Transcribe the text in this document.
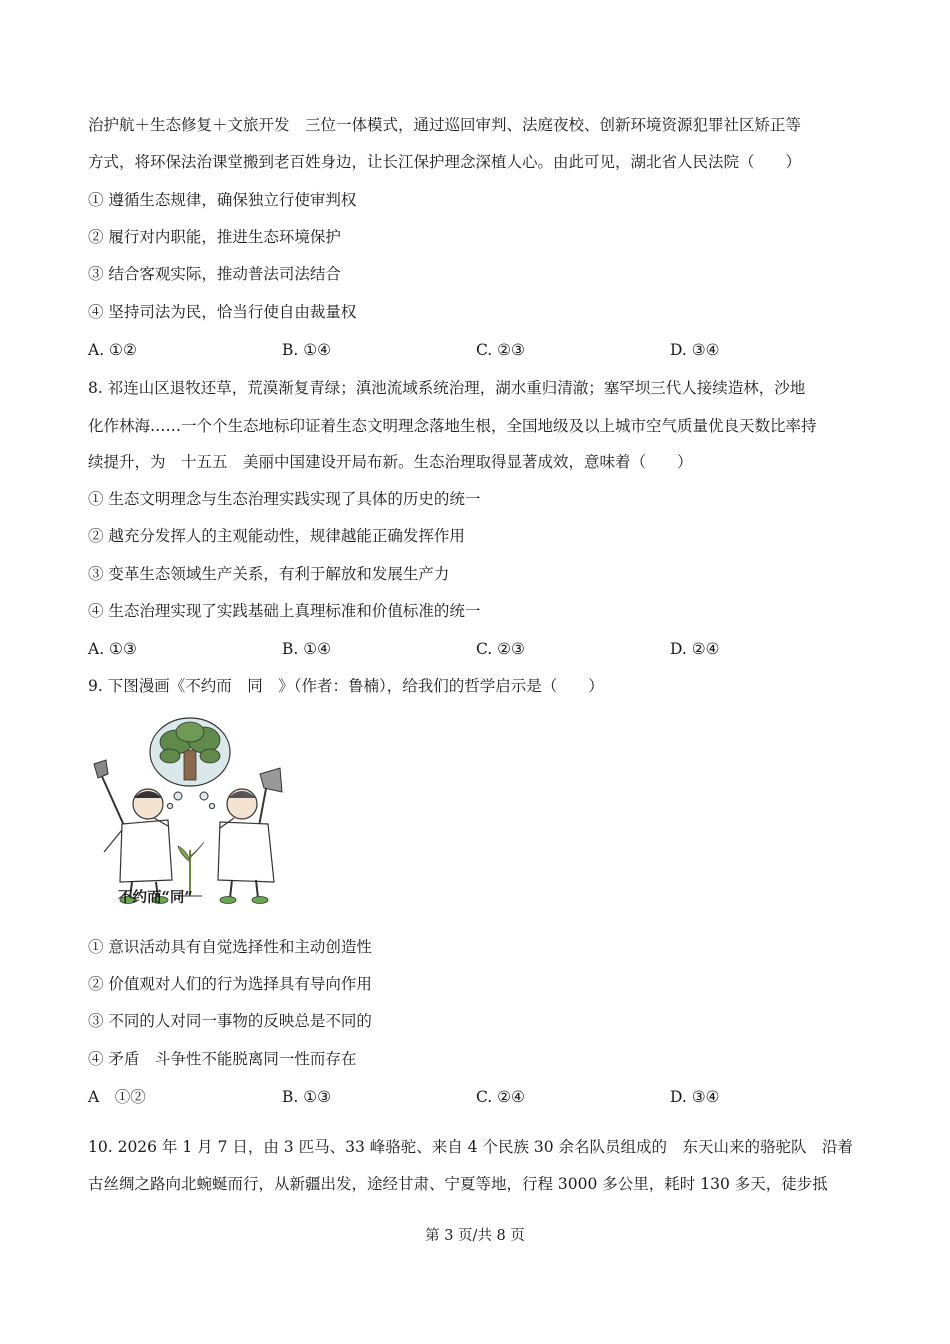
治护航＋生态修复＋文旅开发　三位一体模式，通过巡回审判、法庭夜校、创新环境资源犯罪社区矫正等
方式，将环保法治课堂搬到老百姓身边，让长江保护理念深植人心。由此可见，湖北省人民法院（　　）
① 遵循生态规律，确保独立行使审判权
② 履行对内职能，推进生态环境保护
③ 结合客观实际，推动普法司法结合
④ 坚持司法为民，恰当行使自由裁量权
A. ①②	B. ①④	C. ②③	D. ③④
8. 祁连山区退牧还草，荒漠渐复青绿；滇池流域系统治理，湖水重归清澈；塞罕坝三代人接续造林，沙地
化作林海……一个个生态地标印证着生态文明理念落地生根，全国地级及以上城市空气质量优良天数比率持
续提升，为　十五五　美丽中国建设开局布新。生态治理取得显著成效，意味着（　　）
① 生态文明理念与生态治理实践实现了具体的历史的统一
② 越充分发挥人的主观能动性，规律越能正确发挥作用
③ 变革生态领域生产关系，有利于解放和发展生产力
④ 生态治理实现了实践基础上真理标准和价值标准的统一
A. ①③	B. ①④	C. ②③	D. ②④
9. 下图漫画《不约而　同　》（作者：鲁楠），给我们的哲学启示是（　　）
不约而“同”
① 意识活动具有自觉选择性和主动创造性
② 价值观对人们的行为选择具有导向作用
③ 不同的人对同一事物的反映总是不同的
④ 矛盾　斗争性不能脱离同一性而存在
A　①②	B. ①③	C. ②④	D. ③④
10. 2026 年 1 月 7 日，由 3 匹马、33 峰骆驼、来自 4 个民族 30 余名队员组成的　东天山来的骆驼队　沿着
古丝绸之路向北蜿蜒而行，从新疆出发，途经甘肃、宁夏等地，行程 3000 多公里，耗时 130 多天，徒步抵
第 3 页/共 8 页
